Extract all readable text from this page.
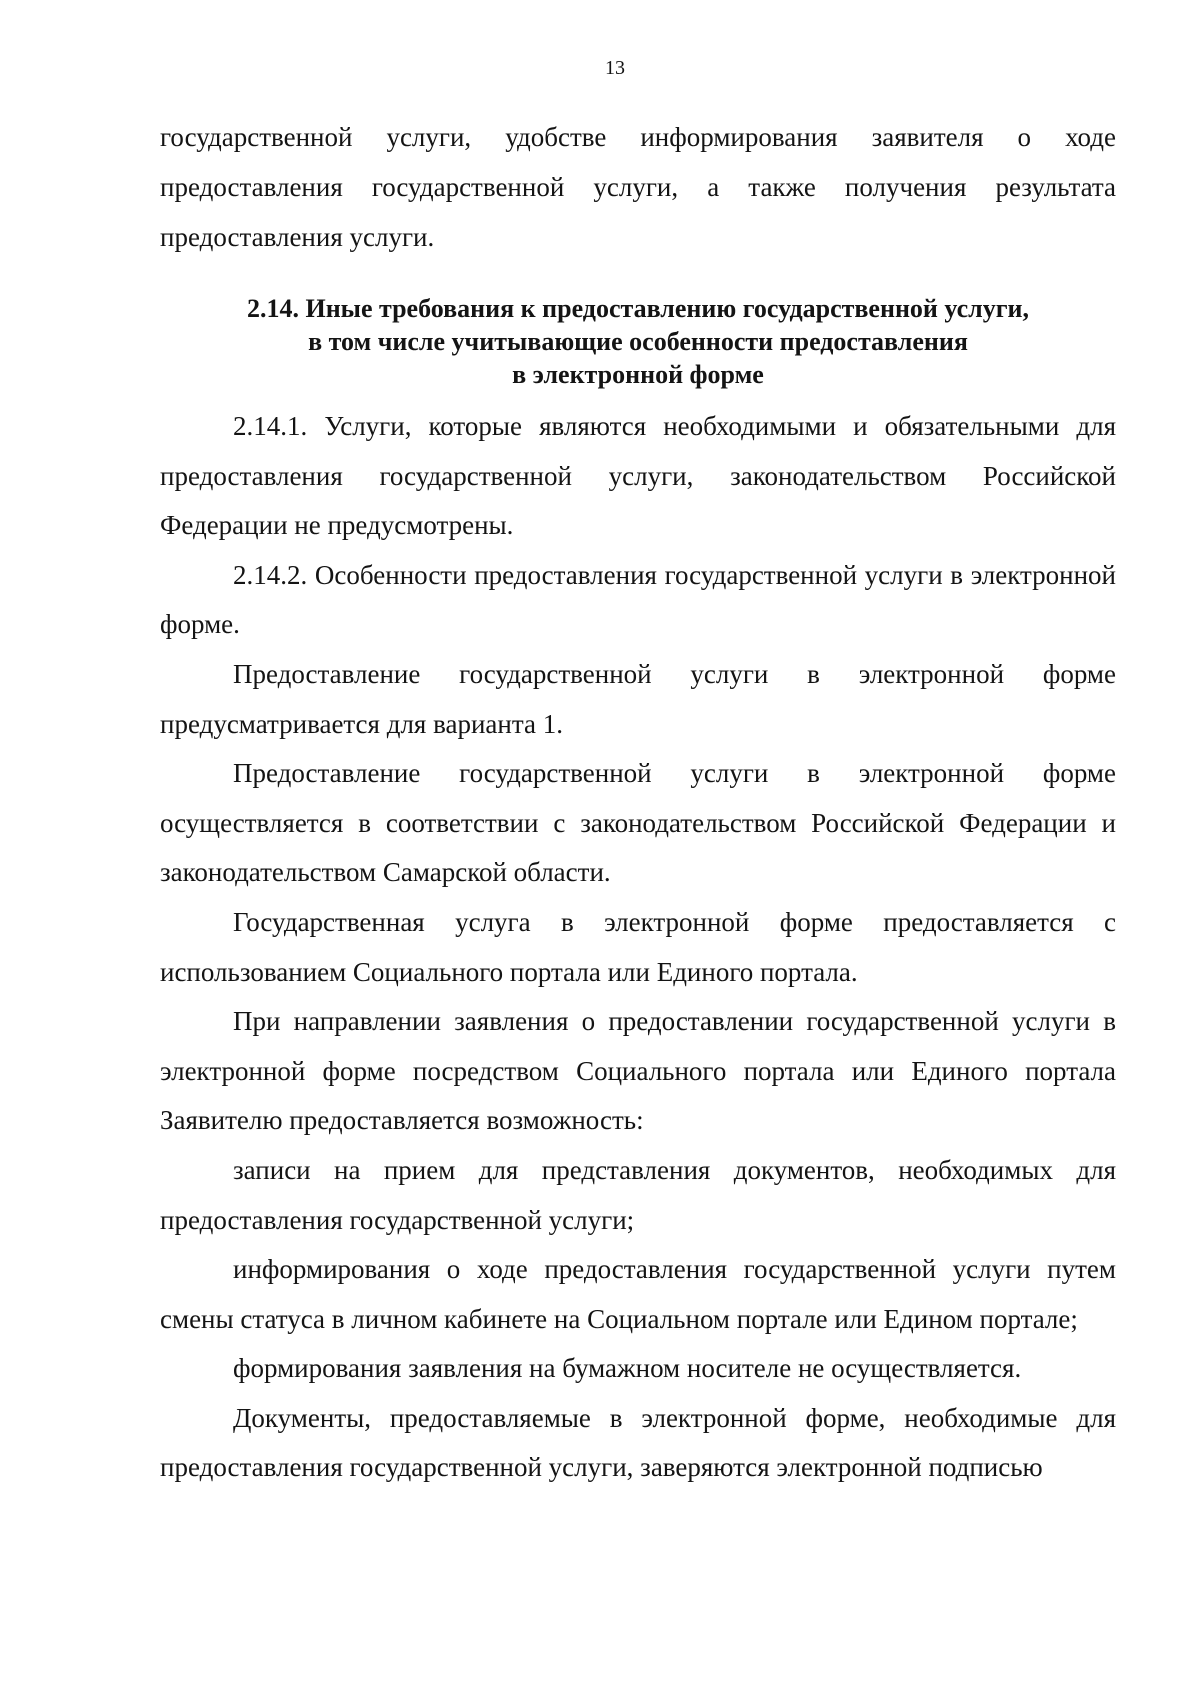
13
государственной услуги, удобстве информирования заявителя о ходе предоставления государственной услуги, а также получения результата предоставления услуги.
2.14. Иные требования к предоставлению государственной услуги,
в том числе учитывающие особенности предоставления
в электронной форме

2.14.1. Услуги, которые являются необходимыми и обязательными для предоставления государственной услуги, законодательством Российской Федерации не предусмотрены.

2.14.2. Особенности предоставления государственной услуги в электронной форме.

Предоставление государственной услуги в электронной форме предусматривается для варианта 1.

Предоставление государственной услуги в электронной форме осуществляется в соответствии с законодательством Российской Федерации и законодательством Самарской области.

Государственная услуга в электронной форме предоставляется с использованием Социального портала или Единого портала.

При направлении заявления о предоставлении государственной услуги в электронной форме посредством Социального портала или Единого портала Заявителю предоставляется возможность:

записи на прием для представления документов, необходимых для предоставления государственной услуги;

информирования о ходе предоставления государственной услуги путем смены статуса в личном кабинете на Социальном портале или Едином портале;

формирования заявления на бумажном носителе не осуществляется.

Документы, предоставляемые в электронной форме, необходимые для предоставления государственной услуги, заверяются электронной подписью
